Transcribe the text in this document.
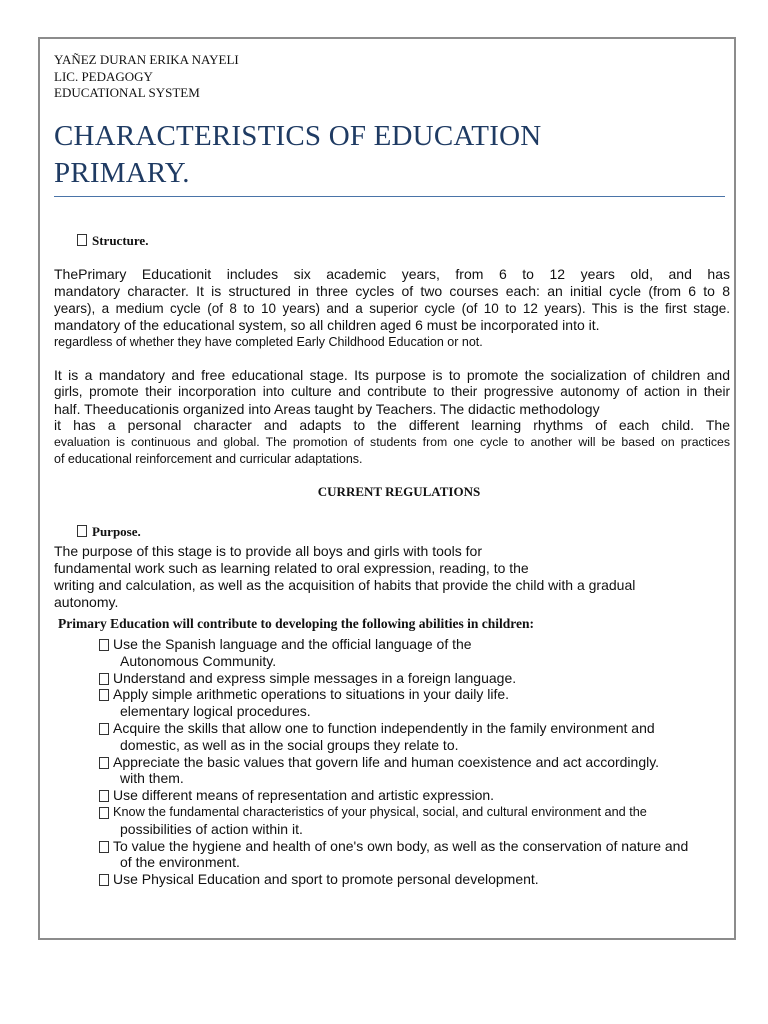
YAÑEZ DURAN ERIKA NAYELI
LIC. PEDAGOGY
EDUCATIONAL SYSTEM
CHARACTERISTICS OF EDUCATION
PRIMARY.
Structure.
ThePrimary Educationit includes six academic years, from 6 to 12 years old, and has
mandatory character. It is structured in three cycles of two courses each: an initial cycle (from 6 to 8
years), a medium cycle (of 8 to 10 years) and a superior cycle (of 10 to 12 years). This is the first stage.
mandatory of the educational system, so all children aged 6 must be incorporated into it.
regardless of whether they have completed Early Childhood Education or not.
It is a mandatory and free educational stage. Its purpose is to promote the socialization of children and
girls, promote their incorporation into culture and contribute to their progressive autonomy of action in their
half. Theeducationis organized into Areas taught by Teachers. The didactic methodology
it has a personal character and adapts to the different learning rhythms of each child. The
evaluation is continuous and global. The promotion of students from one cycle to another will be based on practices
of educational reinforcement and curricular adaptations.
CURRENT REGULATIONS
Purpose.
The purpose of this stage is to provide all boys and girls with tools for
fundamental work such as learning related to oral expression, reading, to the
writing and calculation, as well as the acquisition of habits that provide the child with a gradual
autonomy.
Primary Education will contribute to developing the following abilities in children:
Use the Spanish language and the official language of the
Autonomous Community.
Understand and express simple messages in a foreign language.
Apply simple arithmetic operations to situations in your daily life.
elementary logical procedures.
Acquire the skills that allow one to function independently in the family environment and
domestic, as well as in the social groups they relate to.
Appreciate the basic values that govern life and human coexistence and act accordingly.
with them.
Use different means of representation and artistic expression.
Know the fundamental characteristics of your physical, social, and cultural environment and the
possibilities of action within it.
To value the hygiene and health of one's own body, as well as the conservation of nature and
of the environment.
Use Physical Education and sport to promote personal development.
